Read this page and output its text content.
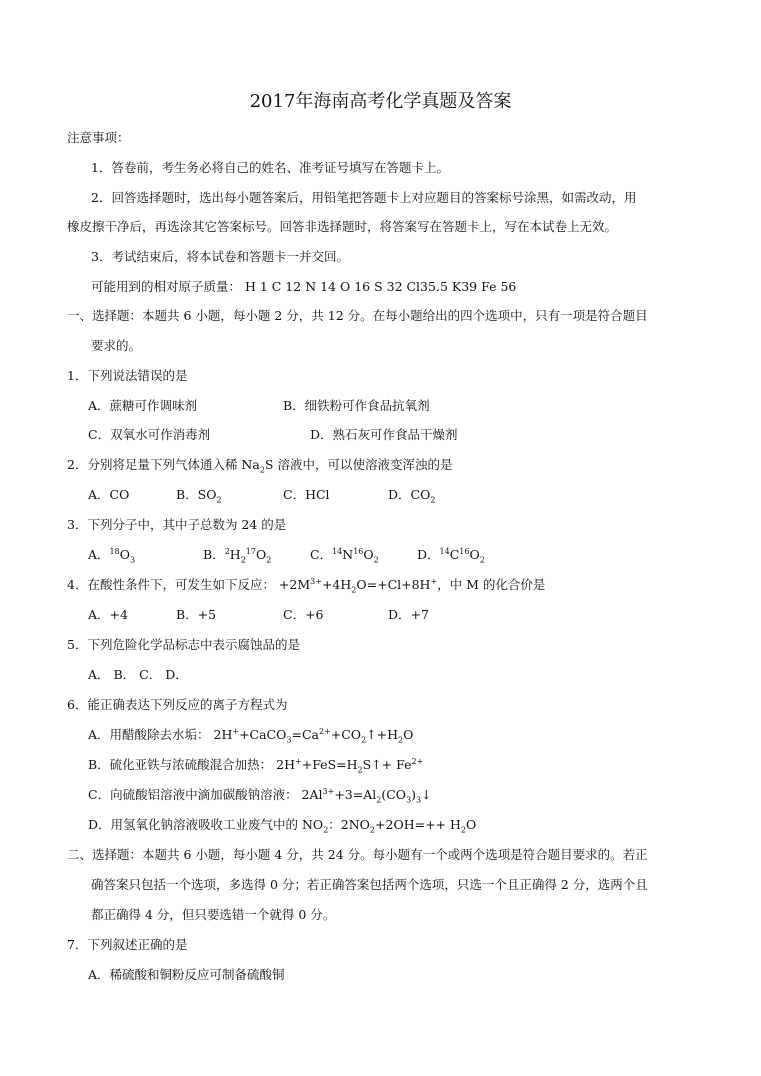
2017年海南高考化学真题及答案
注意事项：
1．答卷前，考生务必将自己的姓名、准考证号填写在答题卡上。
2．回答选择题时，选出每小题答案后，用铅笔把答题卡上对应题目的答案标号涂黑，如需改动，用
橡皮擦干净后，再选涂其它答案标号。回答非选择题时，将答案写在答题卡上，写在本试卷上无效。
3．考试结束后，将本试卷和答题卡一并交回。
可能用到的相对原子质量： H 1 C 12 N 14 O 16 S 32 Cl35.5 K39 Fe 56
一、选择题：本题共 6 小题，每小题 2 分，共 12 分。在每小题给出的四个选项中，只有一项是符合题目
要求的。
1．下列说法错误的是
A．蔗糖可作调味剂	B．细铁粉可作食品抗氧剂
C．双氧水可作消毒剂	D．熟石灰可作食品干燥剂
2．分别将足量下列气体通入稀 $Na_2S$ 溶液中，可以使溶液变浑浊的是
A．CO	B．$SO_2$	C．HCl	D．$CO_2$
3．下列分子中，其中子总数为 24 的是
A．$^{18}O_3$	B．$^2H_2^{17}O_2$	C．$^{14}N^{16}O_2$	D．$^{14}C^{16}O_2$
4．在酸性条件下，可发生如下反应： $+2M^{3+}+4H_2O=+Cl+8H^+$，中 M 的化合价是
A．+4	B．+5	C．+6	D．+7
5．下列危险化学品标志中表示腐蚀品的是
A． B． C． D．
6．能正确表达下列反应的离子方程式为
A．用醋酸除去水垢： $2H^++CaCO_3=Ca^{2+}+CO_2↑+H_2O$
B．硫化亚铁与浓硫酸混合加热： $2H^++FeS=H_2S↑+ Fe^{2+}$
C．向硫酸铝溶液中滴加碳酸钠溶液： $2Al^{3+}+3=Al_2(CO_3)_3↓$
D．用氢氧化钠溶液吸收工业废气中的 $NO_2$：$2NO_2+2OH=++ H_2O$
二、选择题：本题共 6 小题，每小题 4 分，共 24 分。每小题有一个或两个选项是符合题目要求的。若正
确答案只包括一个选项，多选得 0 分；若正确答案包括两个选项，只选一个且正确得 2 分，选两个且
都正确得 4 分，但只要选错一个就得 0 分。
7．下列叙述正确的是
A．稀硫酸和铜粉反应可制备硫酸铜
